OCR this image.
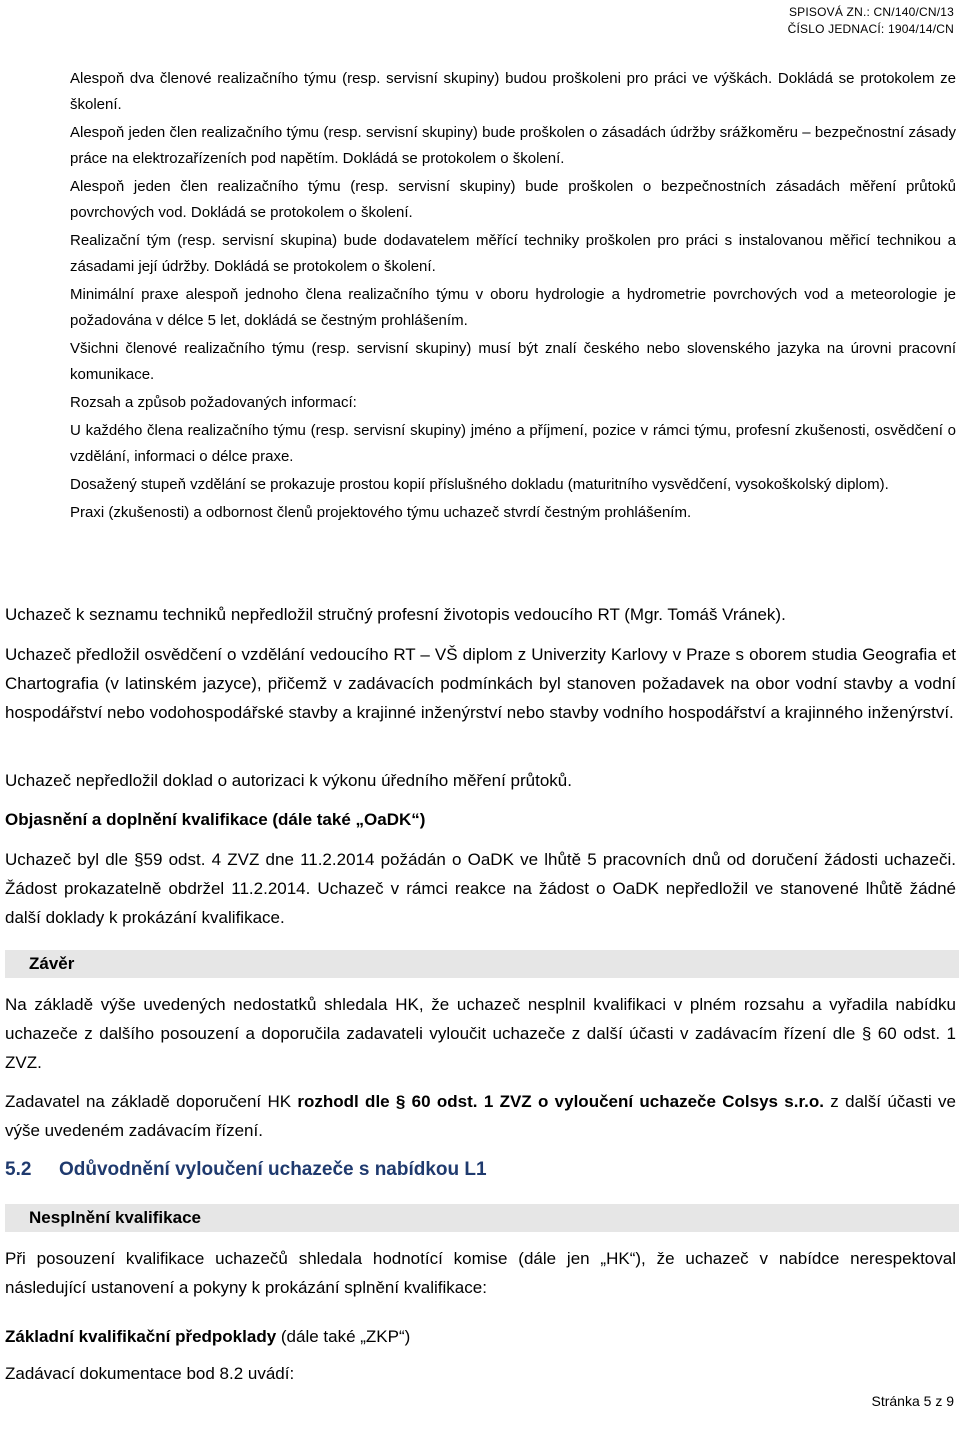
SPISOVÁ ZN.: CN/140/CN/13
ČÍSLO JEDNACÍ: 1904/14/CN

Alespoň dva členové realizačního týmu (resp. servisní skupiny) budou proškoleni pro práci ve výškách. Dokládá se protokolem ze školení.

Alespoň jeden člen realizačního týmu (resp. servisní skupiny) bude proškolen o zásadách údržby srážkoměru – bezpečnostní zásady práce na elektrozařízeních pod napětím. Dokládá se protokolem o školení.

Alespoň jeden člen realizačního týmu (resp. servisní skupiny) bude proškolen o bezpečnostních zásadách měření průtoků povrchových vod. Dokládá se protokolem o školení.

Realizační tým (resp. servisní skupina) bude dodavatelem měřící techniky proškolen pro práci s instalovanou měřicí technikou a zásadami její údržby. Dokládá se protokolem o školení.

Minimální praxe alespoň jednoho člena realizačního týmu v oboru hydrologie a hydrometrie povrchových vod a meteorologie je požadována v délce 5 let, dokládá se čestným prohlášením.

Všichni členové realizačního týmu (resp. servisní skupiny) musí být znalí českého nebo slovenského jazyka na úrovni pracovní komunikace.

Rozsah a způsob požadovaných informací:

U každého člena realizačního týmu (resp. servisní skupiny) jméno a příjmení, pozice v rámci týmu, profesní zkušenosti, osvědčení o vzdělání, informaci o délce praxe.

Dosažený stupeň vzdělání se prokazuje prostou kopií příslušného dokladu (maturitního vysvědčení, vysokoškolský diplom).

Praxi (zkušenosti) a odbornost členů projektového týmu uchazeč stvrdí čestným prohlášením.

Uchazeč k seznamu techniků nepředložil stručný profesní životopis vedoucího RT (Mgr. Tomáš Vránek).

Uchazeč předložil osvědčení o vzdělání vedoucího RT – VŠ diplom z Univerzity Karlovy v Praze s oborem studia Geografia et Chartografia (v latinském jazyce), přičemž v zadávacích podmínkách byl stanoven požadavek na obor vodní stavby a vodní hospodářství nebo vodohospodářské stavby a krajinné inženýrství nebo stavby vodního hospodářství a krajinného inženýrství.

Uchazeč nepředložil doklad o autorizaci k výkonu úředního měření průtoků.

Objasnění a doplnění kvalifikace (dále také „OaDK“)

Uchazeč byl dle §59 odst. 4 ZVZ dne 11.2.2014 požádán o OaDK ve lhůtě 5 pracovních dnů od doručení žádosti uchazeči. Žádost prokazatelně obdržel 11.2.2014. Uchazeč v rámci reakce na žádost o OaDK nepředložil ve stanovené lhůtě žádné další doklady k prokázání kvalifikace.

Závěr

Na základě výše uvedených nedostatků shledala HK, že uchazeč nesplnil kvalifikaci v plném rozsahu a vyřadila nabídku uchazeče z dalšího posouzení a doporučila zadavateli vyloučit uchazeče z další účasti v zadávacím řízení dle § 60 odst. 1 ZVZ.

Zadavatel na základě doporučení HK rozhodl dle § 60 odst. 1 ZVZ o vyloučení uchazeče Colsys s.r.o. z další účasti ve výše uvedeném zadávacím řízení.

5.2 Odůvodnění vyloučení uchazeče s nabídkou L1
Nesplnění kvalifikace

Při posouzení kvalifikace uchazečů shledala hodnotící komise (dále jen „HK“), že uchazeč v nabídce nerespektoval následující ustanovení a pokyny k prokázání splnění kvalifikace:

Základní kvalifikační předpoklady (dále také „ZKP“)

Zadávací dokumentace bod 8.2 uvádí:

Stránka 5 z 9
